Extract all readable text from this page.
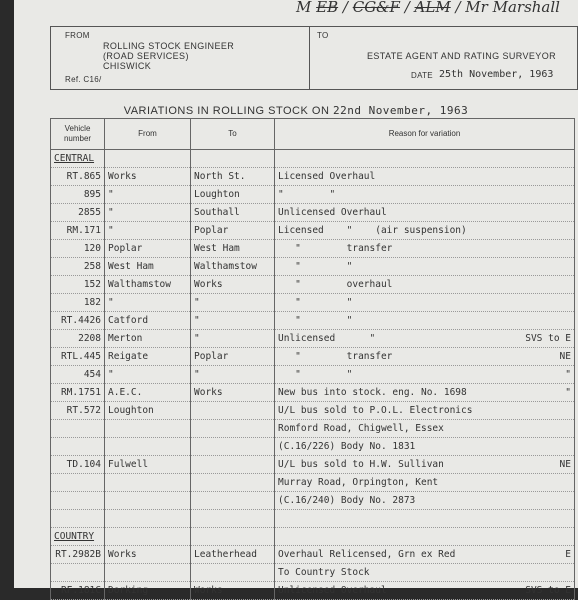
M EB / CG&F / ALM / Mr Marshall
FROM
ROLLING STOCK ENGINEER
(ROAD SERVICES)
CHISWICK
Ref. C16/
TO
ESTATE AGENT AND RATING SURVEYOR
DATE 25th November, 1963
VARIATIONS IN ROLLING STOCK ON 22nd November, 1963
Vehicle
number	From	To	Reason for variation
CENTRAL			
RT.865	Works	North St.	Licensed Overhaul

895	"	Loughton	"        "

2855	"	Southall	Unlicensed Overhaul

RM.171	"	Poplar	Licensed    "    (air suspension)

120	Poplar	West Ham	"        transfer

258	West Ham	Walthamstow	"        "

152	Walthamstow	Works	"        overhaul

182	"	"	"        "

RT.4426	Catford	"	"        "

2208	Merton	"	Unlicensed      " SVS to E

RTL.445	Reigate	Poplar	"        transfer NE

454	"	"	"        " "

RM.1751	A.E.C.	Works	New bus into stock. eng. No. 1698 "

RT.572	Loughton		U/L bus sold to P.O.L. Electronics

			Romford Road, Chigwell, Essex

			(C.16/226) Body No. 1831

TD.104	Fulwell		U/L bus sold to H.W. Sullivan NE

			Murray Road, Orpington, Kent

			(C.16/240) Body No. 2873

COUNTRY			
RT.2982B	Works	Leatherhead	Overhaul Relicensed, Grn ex Red E

			To Country Stock

RF.181C	Dorking	Works	Unlicensed Overhaul SVS to E
